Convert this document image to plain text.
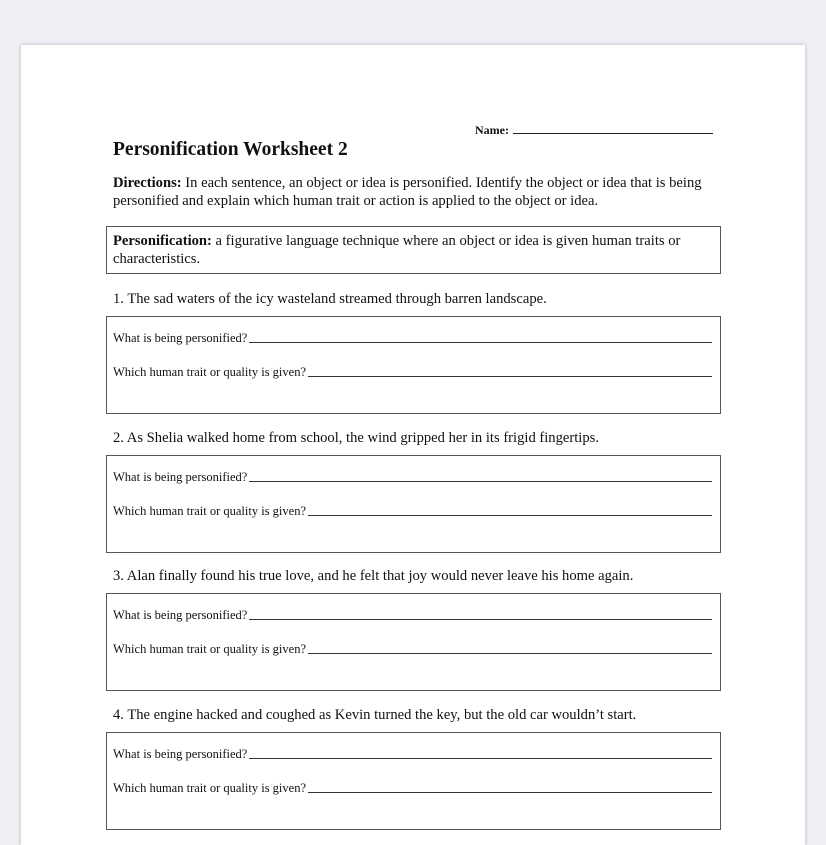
Name:
Personification Worksheet 2
Directions: In each sentence, an object or idea is personified. Identify the object or idea that is being personified and explain which human trait or action is applied to the object or idea.
Personification: a figurative language technique where an object or idea is given human traits or characteristics.
1. The sad waters of the icy wasteland streamed through barren landscape.
What is being personified?
Which human trait or quality is given?
2. As Shelia walked home from school, the wind gripped her in its frigid fingertips.
What is being personified?
Which human trait or quality is given?
3. Alan finally found his true love, and he felt that joy would never leave his home again.
What is being personified?
Which human trait or quality is given?
4. The engine hacked and coughed as Kevin turned the key, but the old car wouldn’t start.
What is being personified?
Which human trait or quality is given?
